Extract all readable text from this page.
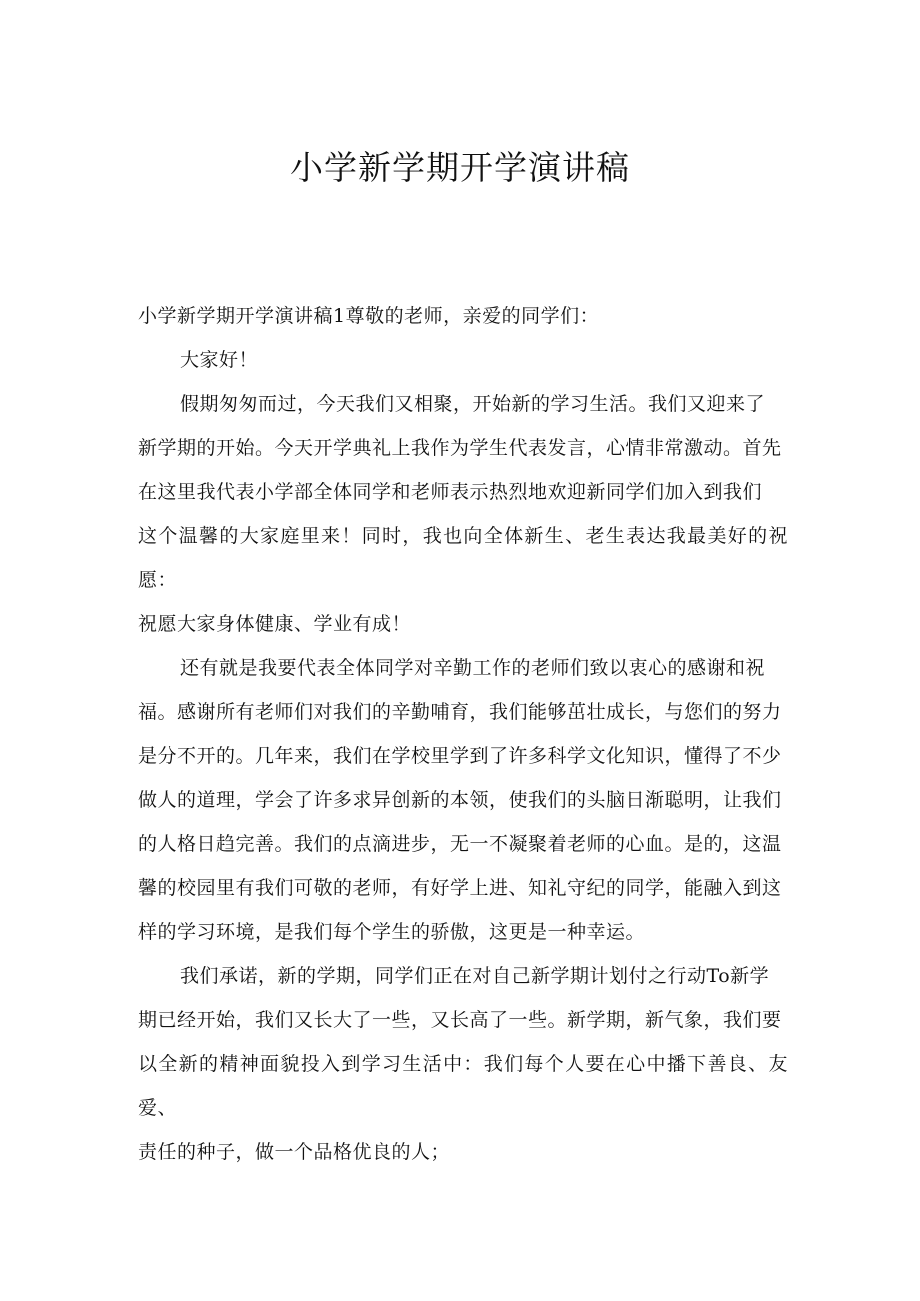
小学新学期开学演讲稿

小学新学期开学演讲稿1尊敬的老师，亲爱的同学们：

大家好！

假期匆匆而过，今天我们又相聚，开始新的学习生活。我们又迎来了
新学期的开始。今天开学典礼上我作为学生代表发言，心情非常激动。首先
在这里我代表小学部全体同学和老师表示热烈地欢迎新同学们加入到我们
这个温馨的大家庭里来！同时，我也向全体新生、老生表达我最美好的祝愿：
祝愿大家身体健康、学业有成！

还有就是我要代表全体同学对辛勤工作的老师们致以衷心的感谢和祝
福。感谢所有老师们对我们的辛勤哺育，我们能够茁壮成长，与您们的努力
是分不开的。几年来，我们在学校里学到了许多科学文化知识，懂得了不少
做人的道理，学会了许多求异创新的本领，使我们的头脑日渐聪明，让我们
的人格日趋完善。我们的点滴进步，无一不凝聚着老师的心血。是的，这温
馨的校园里有我们可敬的老师，有好学上进、知礼守纪的同学，能融入到这
样的学习环境，是我们每个学生的骄傲，这更是一种幸运。

我们承诺，新的学期，同学们正在对自己新学期计划付之行动To新学
期已经开始，我们又长大了一些，又长高了一些。新学期，新气象，我们要
以全新的精神面貌投入到学习生活中：我们每个人要在心中播下善良、友爱、
责任的种子，做一个品格优良的人；
